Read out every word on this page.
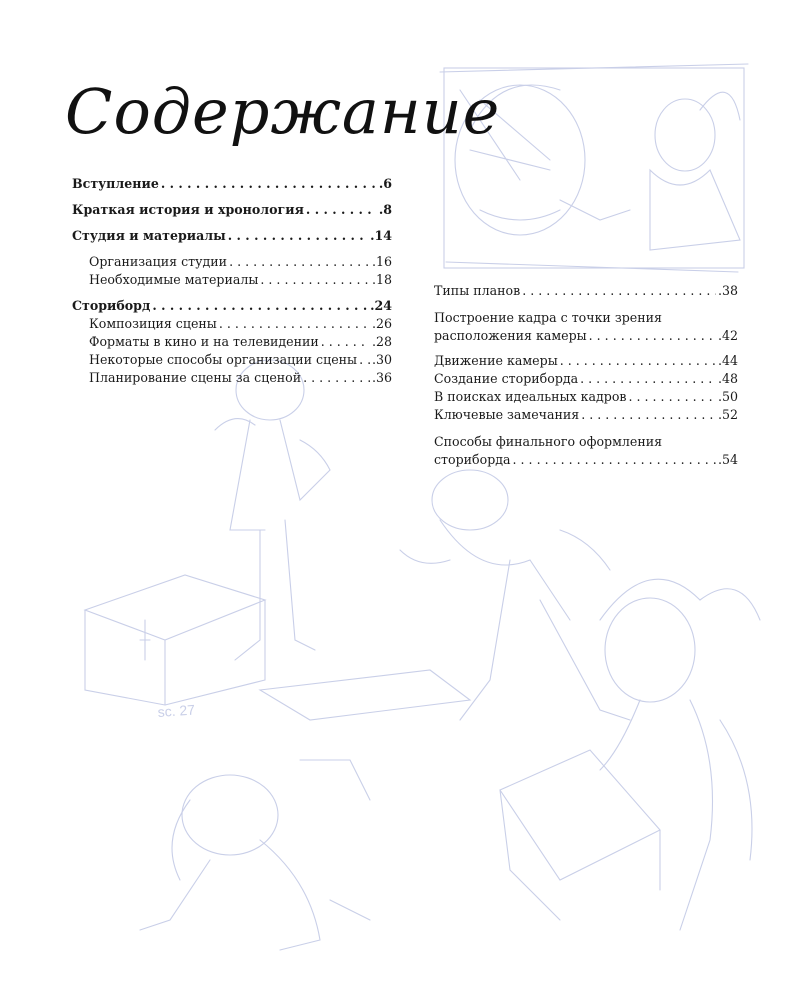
sc. 27
Содержание
Вступление . . .	.6
Краткая история и хронология . . .	.8
Студия и материалы . . .	.14
Организация студии . . .	.16
Необходимые материалы . . .	.18
Сториборд . . .	.24
Композиция сцены . . .	.26
Форматы в кино и на телевидении . . .	.28
Некоторые способы организации сцены . . . .30
Планирование сцены за сценой . . .	.36
Типы планов . . .	.38
Построение кадра с точки зрения
расположения камеры . . .	.42
Движение камеры . . .	.44
Создание сториборда . . .	.48
В поисках идеальных кадров . . .	.50
Ключевые замечания . . .	.52
Способы финального оформления
сториборда . . .	.54
